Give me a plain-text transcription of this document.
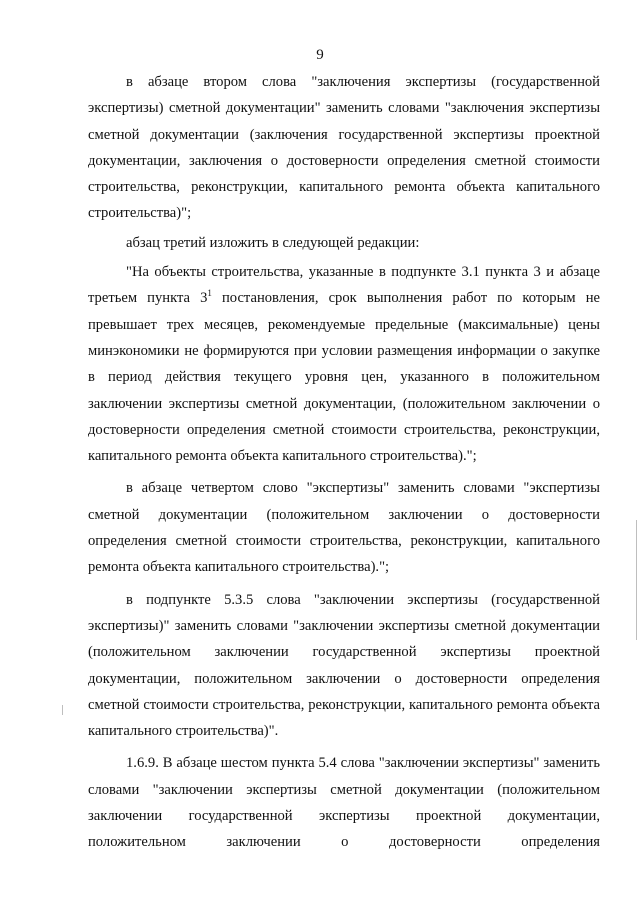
9

в абзаце втором слова "заключения экспертизы (государственной экспертизы) сметной документации" заменить словами "заключения экспертизы сметной документации (заключения государственной экспертизы проектной документации, заключения о достоверности определения сметной стоимости строительства, реконструкции, капитального ремонта объекта капитального строительства)";

абзац третий изложить в следующей редакции:

"На объекты строительства, указанные в подпункте 3.1 пункта 3 и абзаце третьем пункта $3^1$ постановления, срок выполнения работ по которым не превышает трех месяцев, рекомендуемые предельные (максимальные) цены минэкономики не формируются при условии размещения информации о закупке в период действия текущего уровня цен, указанного в положительном заключении экспертизы сметной документации, (положительном заключении о достоверности определения сметной стоимости строительства, реконструкции, капитального ремонта объекта капитального строительства).";

в абзаце четвертом слово "экспертизы" заменить словами "экспертизы сметной документации (положительном заключении о достоверности определения сметной стоимости строительства, реконструкции, капитального ремонта объекта капитального строительства).";

в подпункте 5.3.5 слова "заключении экспертизы (государственной экспертизы)" заменить словами "заключении экспертизы сметной документации (положительном заключении государственной экспертизы проектной документации, положительном заключении о достоверности определения сметной стоимости строительства, реконструкции, капитального ремонта объекта капитального строительства)".

1.6.9. В абзаце шестом пункта 5.4 слова "заключении экспертизы" заменить словами "заключении экспертизы сметной документации (положительном заключении государственной экспертизы проектной документации, положительном заключении о достоверности определения
